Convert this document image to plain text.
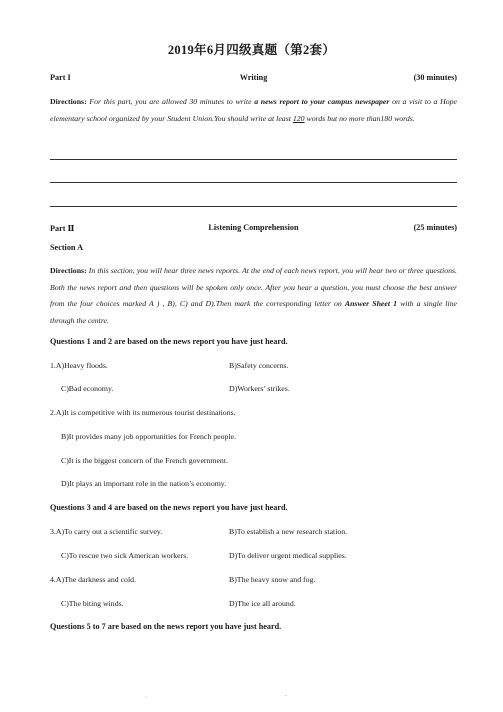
2019年6月四级真题（第2套）
Part I	Writing	(30 minutes)
Directions: For this part, you are allowed 30 minutes to write a news report to your campus newspaper on a visit to a Hope elementary school organized by your Student Union.You should write at least 120 words but no more than180 words.
Part Ⅱ	Listening Comprehension	(25 minutes)
Section A
Directions: In this section, you will hear three news reports. At the end of each news report, you will hear two or three questions. Both the news report and then questions will be spoken only once. After you hear a question, you must choose the best answer from the four choices marked A ) , B), C) and D).Then mark the corresponding letter on Answer Sheet 1 with a single line through the centre.
Questions 1 and 2 are based on the news report you have just heard.
1.A)Heavy floods.	B)Safety concerns.
C)Bad economy.	D)Workers’ strikes.
2.A)It is competitive with its numerous tourist destinations.
B)It provides many job opportunities for French people.
C)It is the biggest concern of the French government.
D)It plays an important role in the nation’s economy.
Questions 3 and 4 are based on the news report you have just heard.
3.A)To carry out a scientific survey.	B)To establish a new research station.
C)To rescue two sick American workers.	D)To deliver urgent medical supplies.
4.A)The darkness and cold.	B)The heavy snow and fog.
C)The biting winds.	D)The ice all around.
Questions 5 to 7 are based on the news report you have just heard.
.	-
